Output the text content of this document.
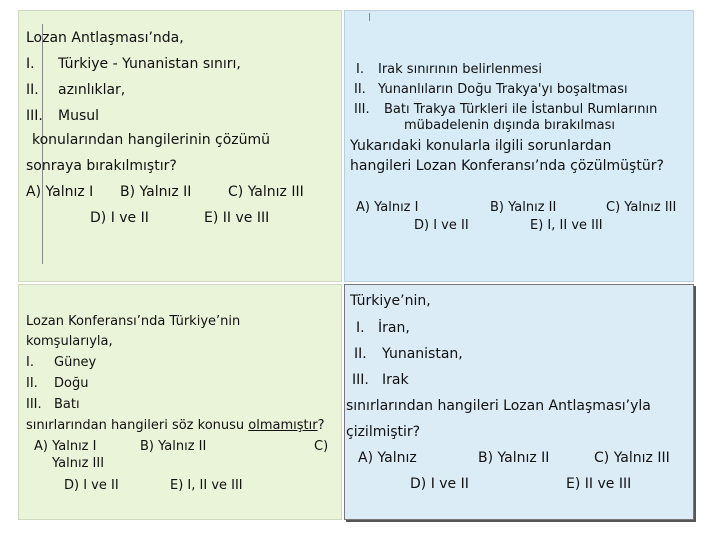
Lozan Antlaşması’nda,
I. Türkiye - Yunanistan sınırı,
II. azınlıklar,
III. Musul
konularından hangilerinin çözümü
sonraya bırakılmıştır?
A) Yalnız I B) Yalnız II	C) Yalnız III
D) I ve II	E) II ve III
I. Irak sınırının belirlenmesi
II. Yunanlıların Doğu Trakya'yı boşaltması
III. Batı Trakya Türkleri ile İstanbul Rumlarının
mübadelenin dışında bırakılması
Yukarıdaki konularla ilgili sorunlardan
hangileri Lozan Konferansı’nda çözülmüştür?
A) Yalnız I	B) Yalnız II	C) Yalnız III
D) I ve II	E) I, II ve III
Lozan Konferansı’nda Türkiye’nin
komşularıyla,
I. Güney
II. Doğu
III. Batı
sınırlarından hangileri söz konusu olmamıştır?
A) Yalnız I	B) Yalnız II	C)
Yalnız III
D) I ve II	E) I, II ve III
Türkiye’nin,
I. İran,
II. Yunanistan,
III. Irak
sınırlarından hangileri Lozan Antlaşması’yla
çizilmiştir?
A) Yalnız	B) Yalnız II	C) Yalnız III
D) I ve II	E) II ve III
